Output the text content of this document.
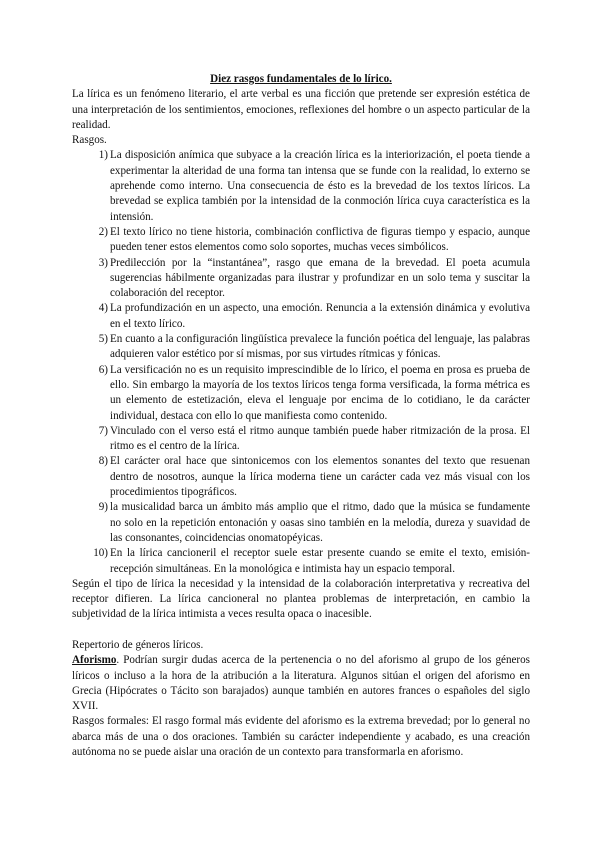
Diez rasgos fundamentales de lo lírico.

La lírica es un fenómeno literario, el arte verbal es una ficción que pretende ser expresión estética de una interpretación de los sentimientos, emociones, reflexiones del hombre o un aspecto particular de la realidad.

Rasgos.

1) La disposición anímica que subyace a la creación lírica es la interiorización, el poeta tiende a experimentar la alteridad de una forma tan intensa que se funde con la realidad, lo externo se aprehende como interno. Una consecuencia de ésto es la brevedad de los textos líricos. La brevedad se explica también por la intensidad de la conmoción lírica cuya característica es la intensión.
2) El texto lírico no tiene historia, combinación conflictiva de figuras tiempo y espacio, aunque pueden tener estos elementos como solo soportes, muchas veces simbólicos.
3) Predilección por la “instantánea”, rasgo que emana de la brevedad. El poeta acumula sugerencias hábilmente organizadas para ilustrar y profundizar en un solo tema y suscitar la colaboración del receptor.
4) La profundización en un aspecto, una emoción. Renuncia a la extensión dinámica y evolutiva en el texto lírico.
5) En cuanto a la configuración lingüística prevalece la función poética del lenguaje, las palabras adquieren valor estético por sí mismas, por sus virtudes rítmicas y fónicas.
6) La versificación no es un requisito imprescindible de lo lírico, el poema en prosa es prueba de ello. Sin embargo la mayoría de los textos líricos tenga forma versificada, la forma métrica es un elemento de estetización, eleva el lenguaje por encima de lo cotidiano, le da carácter individual, destaca con ello lo que manifiesta como contenido.
7) Vinculado con el verso está el ritmo aunque también puede haber ritmización de la prosa. El ritmo es el centro de la lírica.
8) El carácter oral hace que sintonicemos con los elementos sonantes del texto que resuenan dentro de nosotros, aunque la lírica moderna tiene un carácter cada vez más visual con los procedimientos tipográficos.
9) la musicalidad barca un ámbito más amplio que el ritmo, dado que la música se fundamente no solo en la repetición entonación y oasas sino también en la melodía, dureza y suavidad de las consonantes, coincidencias onomatopéyicas.
10) En la lírica cancioneril el receptor suele estar presente cuando se emite el texto, emisión-recepción simultáneas. En la monológica e intimista hay un espacio temporal.

Según el tipo de lírica la necesidad y la intensidad de la colaboración interpretativa y recreativa del receptor difieren. La lírica cancioneral no plantea problemas de interpretación, en cambio la subjetividad de la lírica intimista a veces resulta opaca o inacesible.

Repertorio de géneros líricos.

Aforismo. Podrían surgir dudas acerca de la pertenencia o no del aforismo al grupo de los géneros líricos o incluso a la hora de la atribución a la literatura. Algunos sitúan el origen del aforismo en Grecia (Hipócrates o Tácito son barajados) aunque también en autores frances o españoles del siglo XVII.

Rasgos formales: El rasgo formal más evidente del aforismo es la extrema brevedad; por lo general no abarca más de una o dos oraciones. También su carácter independiente y acabado, es una creación autónoma no se puede aislar una oración de un contexto para transformarla en aforismo.
